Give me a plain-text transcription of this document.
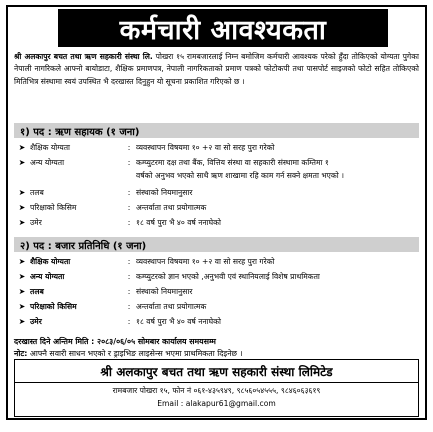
कर्मचारी आवश्यकता
श्री अलकापुर बचत तथा ऋण सहकारी संस्था लि. पोखरा १५ रामबजारलाई निम्न बमोजिम कर्मचारी आवश्यक परेको हुँदा तोकिएको योग्यता पुगेका नेपाली नागरिकले आफ्नो बायोडाटा, शैक्षिक प्रमाणपत्र, नेपाली नागरिकताको प्रमाण पत्रको फोटोकपी तथा पासपोर्ट साइजको फोटो सहित तोकिएको मितिभित्र संस्थामा स्वयं उपस्थित भै दरखास्त दिनुहुन यो सूचना प्रकाशित गरिएको छ ।
१) पद : ऋण सहायक (१ जना)
➤ शैक्षिक योग्यता	: व्यवस्थापन विषयमा १० +२ वा सो सरह पुरा गरेको
➤ अन्य योग्यता	: कम्प्युटरमा दक्ष तथा बैंक, वित्तिय संस्था वा सहकारी संस्थामा कम्तिमा १
वर्षको अनुभव भएको साथै ऋण शाखामा रहि काम गर्न सक्ने क्षमता भएको ।
➤ तलब	: संस्थाको नियमानुसार
➤ परिक्षाको किसिम	: अन्तर्वाता तथा प्रयोगात्मक
➤ उमेर	: १८ वर्ष पुरा भै ४० वर्ष ननाघेको
२) पद : बजार प्रतिनिधि (१ जना)
➤ शैक्षिक योग्यता	: व्यवस्थापन विषयमा १० +२ वा सो सरह पुरा गरेको
➤ अन्य योग्यता	: कम्प्युटरको ज्ञान भएको ,अनुभवी एवं स्थानियलाई विशेष प्राथमिकता
➤ तलब	: संस्थाको नियमानुसार
➤ परिक्षाको किसिम	: अन्तर्वाता तथा प्रयोगात्मक
➤ उमेर	: १८ वर्ष पुरा भै ४० वर्ष ननाघेको
दरखास्त दिने अन्तिम मिति : २०८३/०६/०५ सोमबार कार्यालय समयसम्म
नोट: आफ्नै सवारी साधन भएको र ड्राइभिङ लाइसेन्स भएमा प्राथमिकता दिइनेछ ।
श्री अलकापुर बचत तथा ऋण सहकारी संस्था लिमिटेड
रामबजार पोखरा १५, फोन नं ०६१-४३५९४९, ९८५६०५४५५५, ९८४६०६३६१९
Email : alakapur61@gmail.com
